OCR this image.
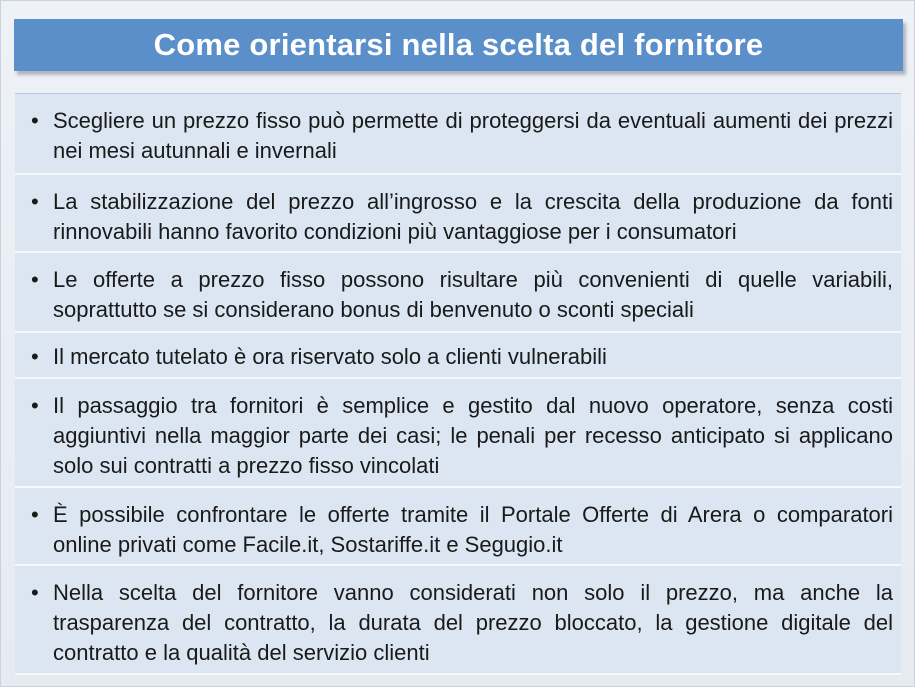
Come orientarsi nella scelta del fornitore
• Scegliere un prezzo fisso può permette di proteggersi da eventuali aumenti dei prezzi nei mesi autunnali e invernali
• La stabilizzazione del prezzo all’ingrosso e la crescita della produzione da fonti rinnovabili hanno favorito condizioni più vantaggiose per i consumatori
• Le offerte a prezzo fisso possono risultare più convenienti di quelle variabili, soprattutto se si considerano bonus di benvenuto o sconti speciali
• Il mercato tutelato è ora riservato solo a clienti vulnerabili
• Il passaggio tra fornitori è semplice e gestito dal nuovo operatore, senza costi aggiuntivi nella maggior parte dei casi; le penali per recesso anticipato si applicano solo sui contratti a prezzo fisso vincolati
• È possibile confrontare le offerte tramite il Portale Offerte di Arera o comparatori online privati come Facile.it, Sostariffe.it e Segugio.it
• Nella scelta del fornitore vanno considerati non solo il prezzo, ma anche la trasparenza del contratto, la durata del prezzo bloccato, la gestione digitale del contratto e la qualità del servizio clienti
